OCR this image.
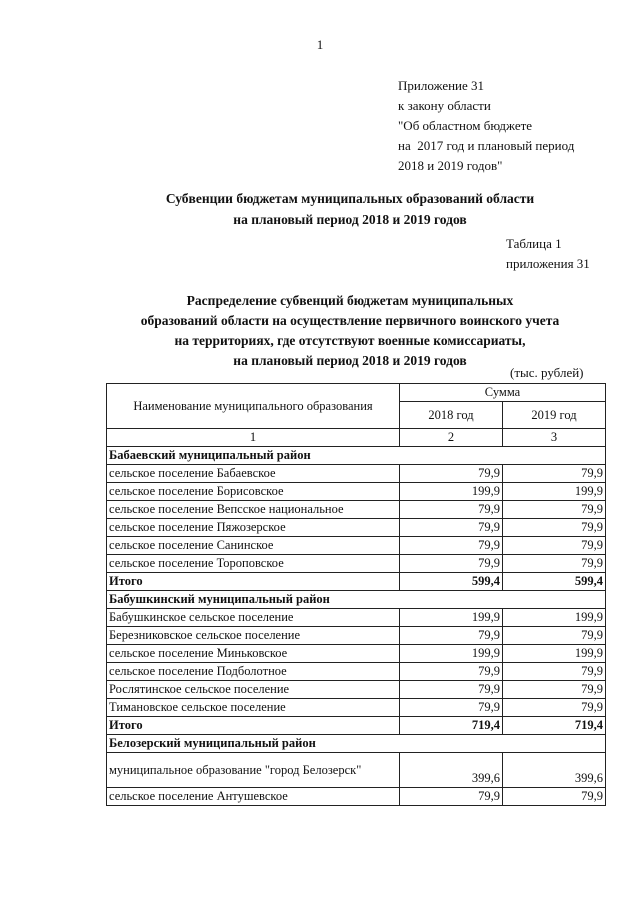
1
Приложение 31
к закону области
"Об областном бюджете
на  2017 год и плановый период
2018 и 2019 годов"
Субвенции бюджетам муниципальных образований области
на плановый период 2018 и 2019 годов
Таблица 1
приложения 31
Распределение субвенций бюджетам муниципальных
образований области на осуществление первичного воинского учета
на территориях, где отсутствуют военные комиссариаты,
на плановый период 2018 и 2019 годов
(тыс. рублей)
Наименование муниципального образования	Сумма	
	2018 год	2019 год
1	2	3
Бабаевский муниципальный район		
сельское поселение Бабаевское	79,9	79,9
сельское поселение Борисовское	199,9	199,9
сельское поселение Вепсское национальное	79,9	79,9
сельское поселение Пяжозерское	79,9	79,9
сельское поселение Санинское	79,9	79,9
сельское поселение Тороповское	79,9	79,9
Итого	599,4	599,4
Бабушкинский муниципальный район		
Бабушкинское сельское поселение	199,9	199,9
Березниковское сельское поселение	79,9	79,9
сельское поселение Миньковское	199,9	199,9
сельское поселение Подболотное	79,9	79,9
Рослятинское сельское поселение	79,9	79,9
Тимановское сельское поселение	79,9	79,9
Итого	719,4	719,4
Белозерский муниципальный район		
муниципальное образование "город Белозерск"	399,6	399,6
сельское поселение Антушевское	79,9	79,9
